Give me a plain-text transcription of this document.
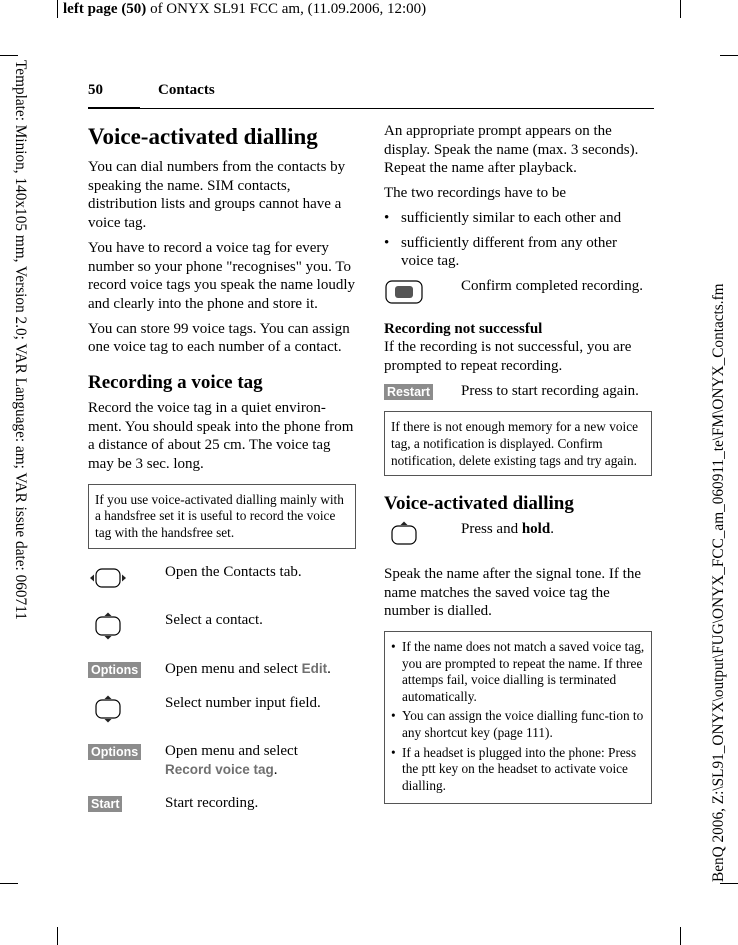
left page (50) of ONYX SL91 FCC am, (11.09.2006, 12:00)
Template: Minion, 140x105 mm, Version 2.0; VAR Language: am; VAR issue date: 060711	BenQ 2006, Z:\SL91_ONYX\output\FUG\ONYX_FCC_am_060911_te\FM\ONYX_Contacts.fm
50	Contacts
Voice-activated dialling

You can dial numbers from the contacts by speaking the name. SIM contacts, distribution lists and groups cannot have a voice tag.

You have to record a voice tag for every number so your phone "recognises" you. To record voice tags you speak the name loudly and clearly into the phone and store it.

You can store 99 voice tags. You can assign one voice tag to each number of a contact.

Recording a voice tag

Record the voice tag in a quiet environ-ment. You should speak into the phone from a distance of about 25 cm. The voice tag may be 3 sec. long.

If you use voice-activated dialling mainly with a handsfree set it is useful to record the voice tag with the handsfree set.
Open the Contacts tab.
Select a contact.
Options	Open menu and select Edit.
Select number input field.
Options	Open menu and select
Record voice tag.
Start	Start recording.

An appropriate prompt appears on the display. Speak the name (max. 3 seconds). Repeat the name after playback.

The two recordings have to be

• sufficiently similar to each other and
• sufficiently different from any other voice tag.
Confirm completed recording.
Recording not successful

If the recording is not successful, you are prompted to repeat recording.

Restart	Press to start recording again.
If there is not enough memory for a new voice tag, a notification is displayed. Confirm notification, delete existing tags and try again.
Voice-activated dialling
Press and hold.

Speak the name after the signal tone. If the name matches the saved voice tag the number is dialled.

• If the name does not match a saved voice tag, you are prompted to repeat the name. If three attemps fail, voice dialling is terminated automatically.
• You can assign the voice dialling func-tion to any shortcut key (page 111).
• If a headset is plugged into the phone: Press the ptt key on the headset to activate voice dialling.
